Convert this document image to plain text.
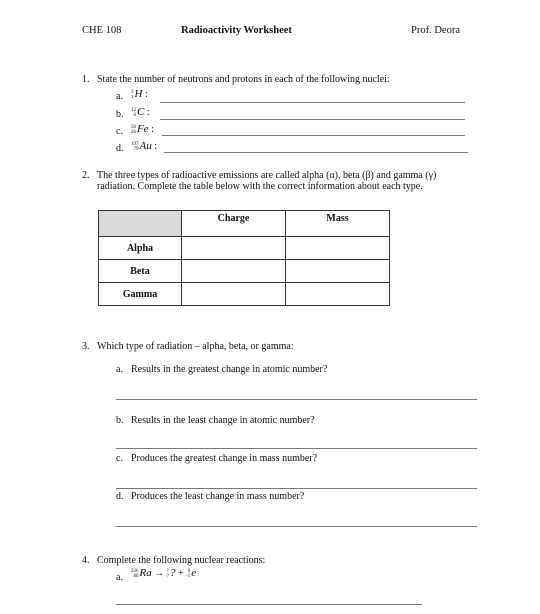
CHE 108	Radioactivity Worksheet	Prof. Deora
1. State the number of neutrons and protons in each of the following nuclei:
a. 3
1 H :
b. 12
6 C :
c. 56
26 Fe :
d. 197
79 Au :
2. The three types of radioactive emissions are called alpha (α), beta (β) and gamma (γ)
radiation. Complete the table below with the correct information about each type.
	Charge	Mass
Alpha		
Beta		
Gamma		
3. Which type of radiation – alpha, beta, or gamma:
a. Results in the greatest change in atomic number?
b. Results in the least change in atomic number?
c. Produces the greatest change in mass number?
d. Produces the least change in mass number?
4. Complete the following nuclear reactions:
a.
226
88 Ra → ?
? ? + 0
-1 e
